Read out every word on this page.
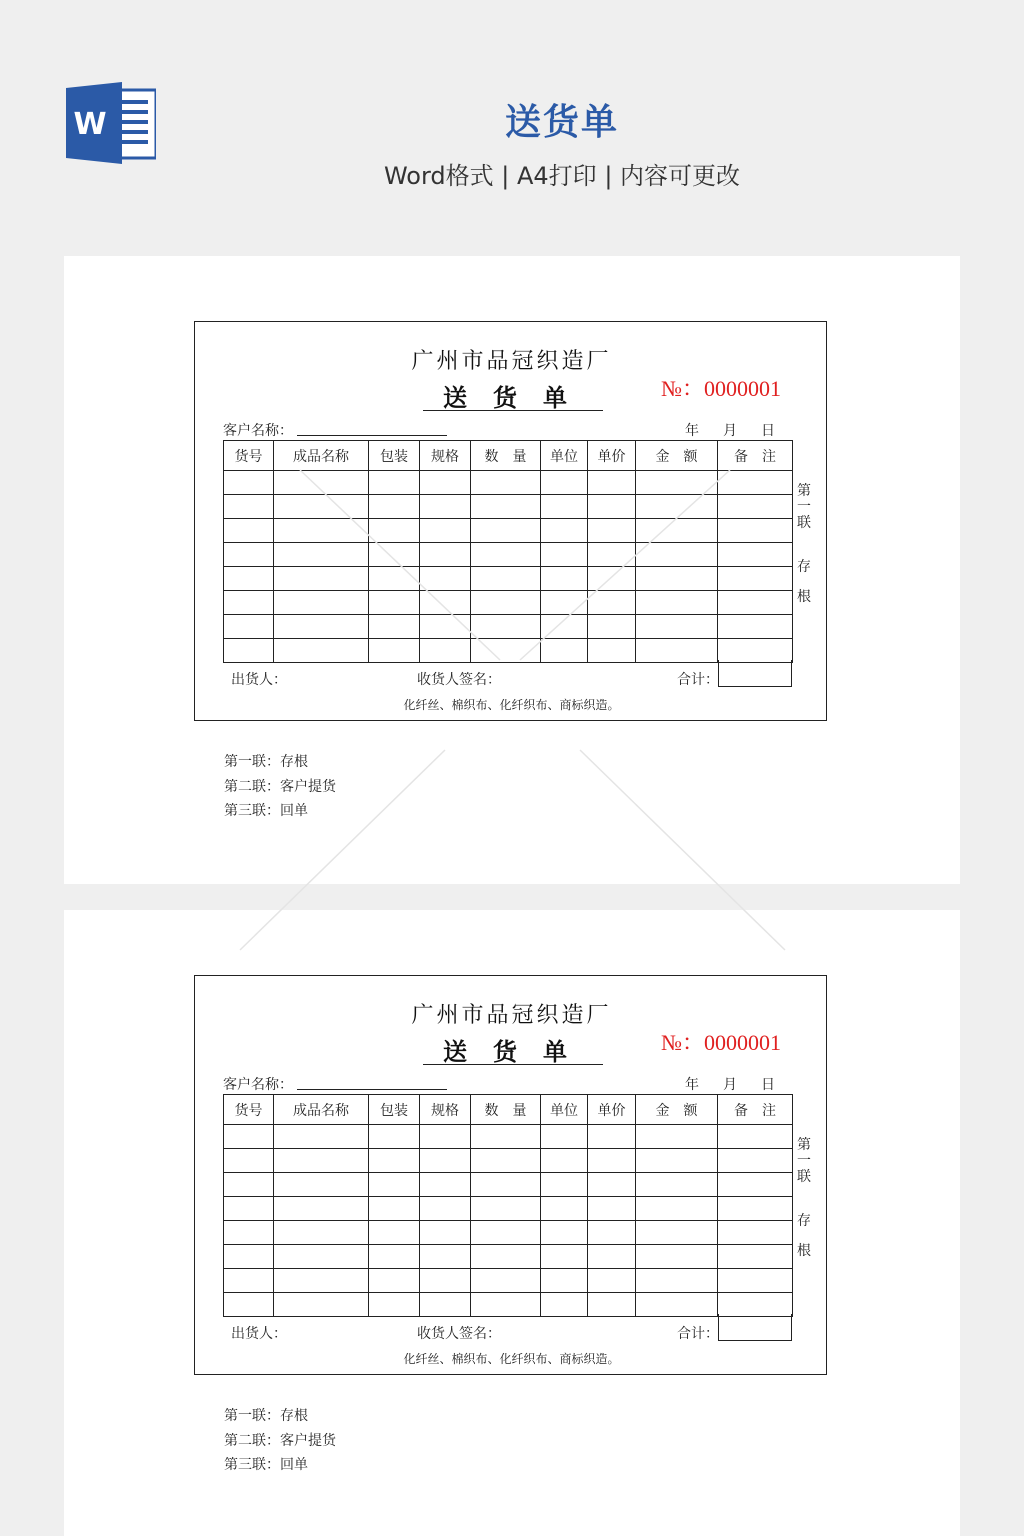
W	送货单
Word格式 | A4打印 | 内容可更改
广州市品冠织造厂
送货单	№：0000001
客户名称：	年 月 日
货号	成品名称	包装	规格	数　量	单位	单价	金　额	备　注

第
一
联
存
根
出货人：	收货人签名：	合计：
化纤丝、棉织布、化纤织布、商标织造。
第一联：存根
第二联：客户提货
第三联：回单
广州市品冠织造厂
送货单	№：0000001
客户名称：	年 月 日
货号	成品名称	包装	规格	数　量	单位	单价	金　额	备　注

第
一
联
存
根
出货人：	收货人签名：	合计：
化纤丝、棉织布、化纤织布、商标织造。
第一联：存根
第二联：客户提货
第三联：回单
